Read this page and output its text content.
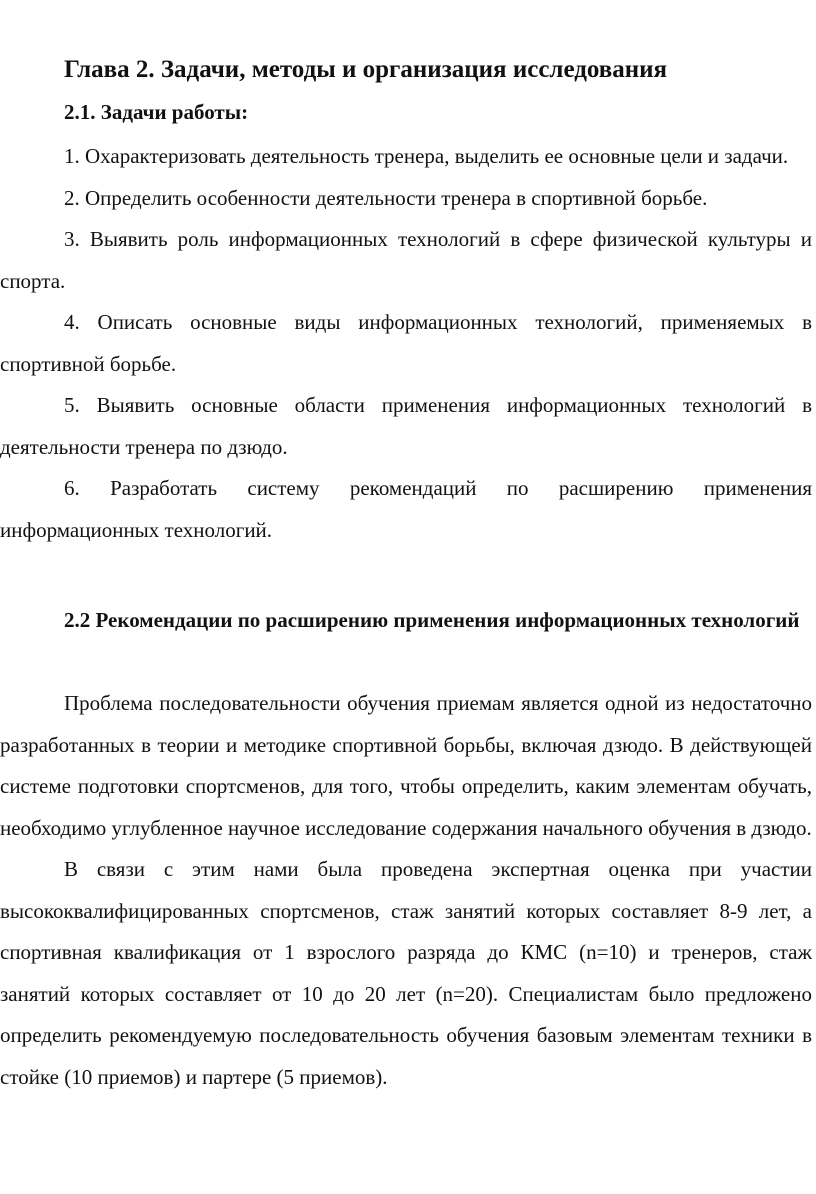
Глава 2. Задачи, методы и организация исследования
2.1. Задачи работы:
1. Охарактеризовать деятельность тренера, выделить ее основные цели и задачи.
2. Определить особенности деятельности тренера в спортивной борьбе.
3. Выявить роль информационных технологий в сфере физической культуры и спорта.
4. Описать основные виды информационных технологий, применяемых в спортивной борьбе.
5. Выявить основные области применения информационных технологий в деятельности тренера по дзюдо.
6. Разработать систему рекомендаций по расширению применения информационных технологий.
2.2 Рекомендации по расширению применения информационных технологий

Проблема последовательности обучения приемам является одной из недостаточно разработанных в теории и методике спортивной борьбы, включая дзюдо. В действующей системе подготовки спортсменов, для того, чтобы определить, каким элементам обучать, необходимо углубленное научное исследование содержания начального обучения в дзюдо.

В связи с этим нами была проведена экспертная оценка при участии высококвалифицированных спортсменов, стаж занятий которых составляет 8-9 лет, а спортивная квалификация от 1 взрослого разряда до КМС (n=10) и тренеров, стаж занятий которых составляет от 10 до 20 лет (n=20). Специалистам было предложено определить рекомендуемую последовательность обучения базовым элементам техники в стойке (10 приемов) и партере (5 приемов).
